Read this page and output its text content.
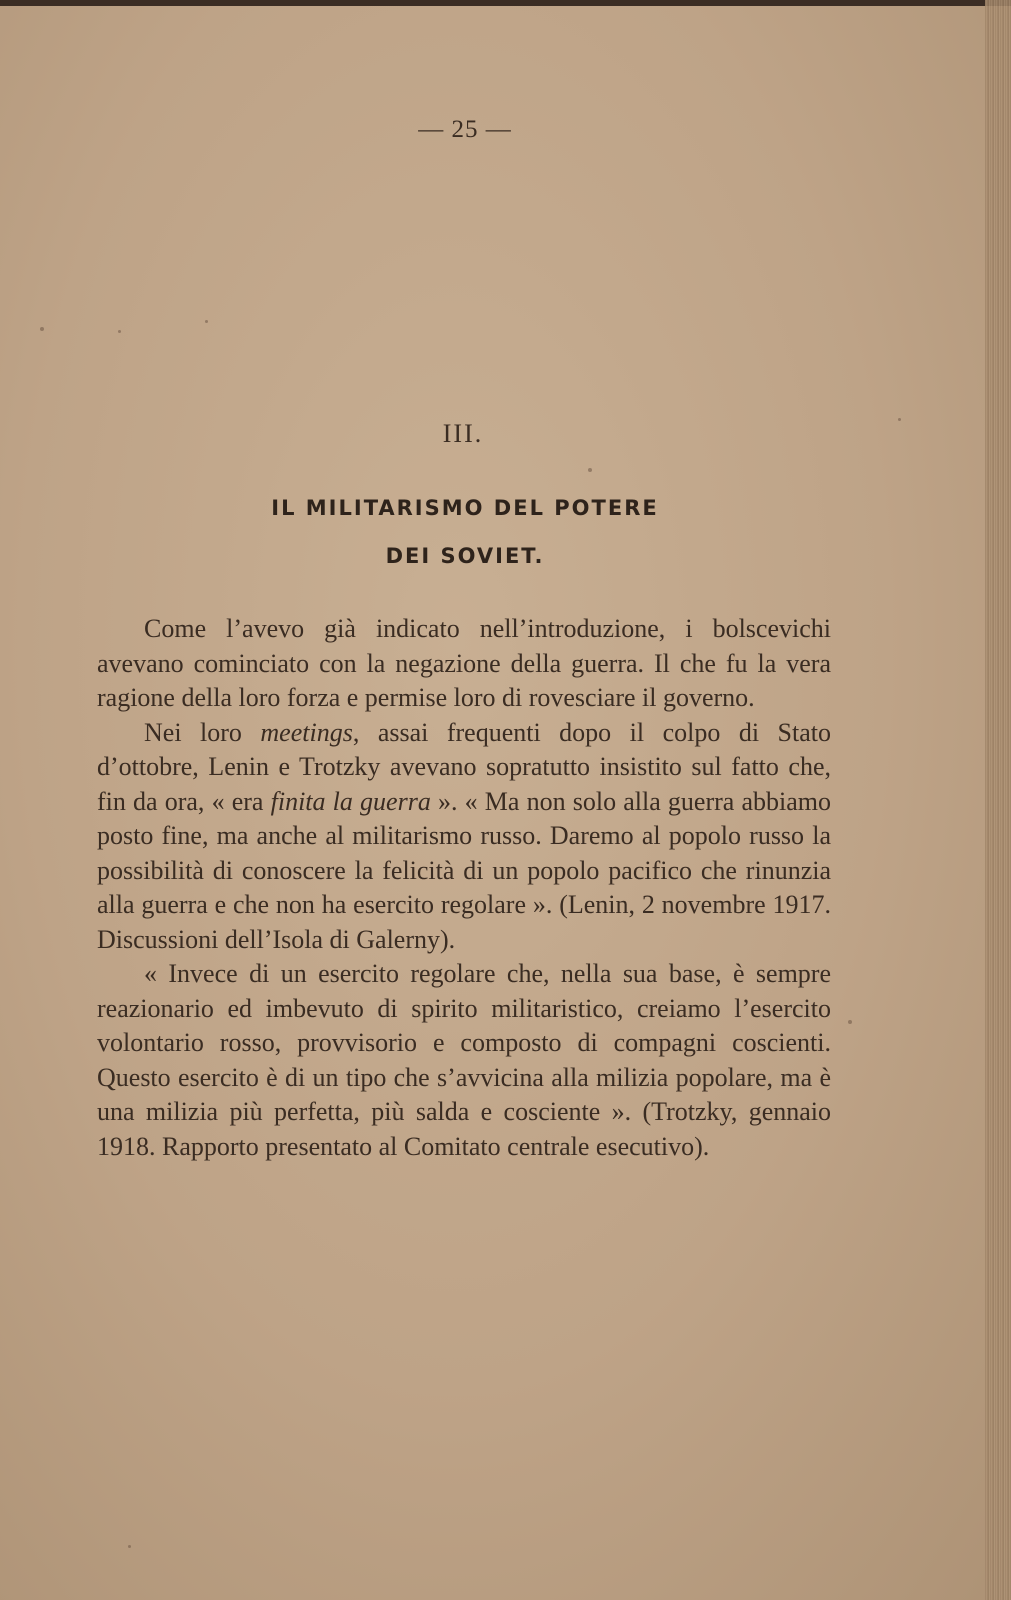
— 25 —
III.
IL MILITARISMO DEL POTERE
DEI SOVIET.

Come l’avevo già indicato nell’introduzione, i bolscevichi avevano cominciato con la negazione della guerra. Il che fu la vera ragione della loro forza e permise loro di rovesciare il governo.

Nei loro meetings, assai frequenti dopo il colpo di Stato d’ottobre, Lenin e Trotzky avevano sopratutto insistito sul fatto che, fin da ora, « era finita la guerra ». « Ma non solo alla guerra abbiamo posto fine, ma anche al militarismo russo. Daremo al popolo russo la possibilità di conoscere la felicità di un popolo pacifico che rinunzia alla guerra e che non ha esercito regolare ». (Lenin, 2 novembre 1917. Discussioni dell’Isola di Galerny).

« Invece di un esercito regolare che, nella sua base, è sempre reazionario ed imbevuto di spirito militaristico, creiamo l’esercito volontario rosso, provvisorio e composto di compagni coscienti. Questo esercito è di un tipo che s’avvicina alla milizia popolare, ma è una milizia più perfetta, più salda e cosciente ». (Trotzky, gennaio 1918. Rapporto presentato al Comitato centrale esecutivo).
